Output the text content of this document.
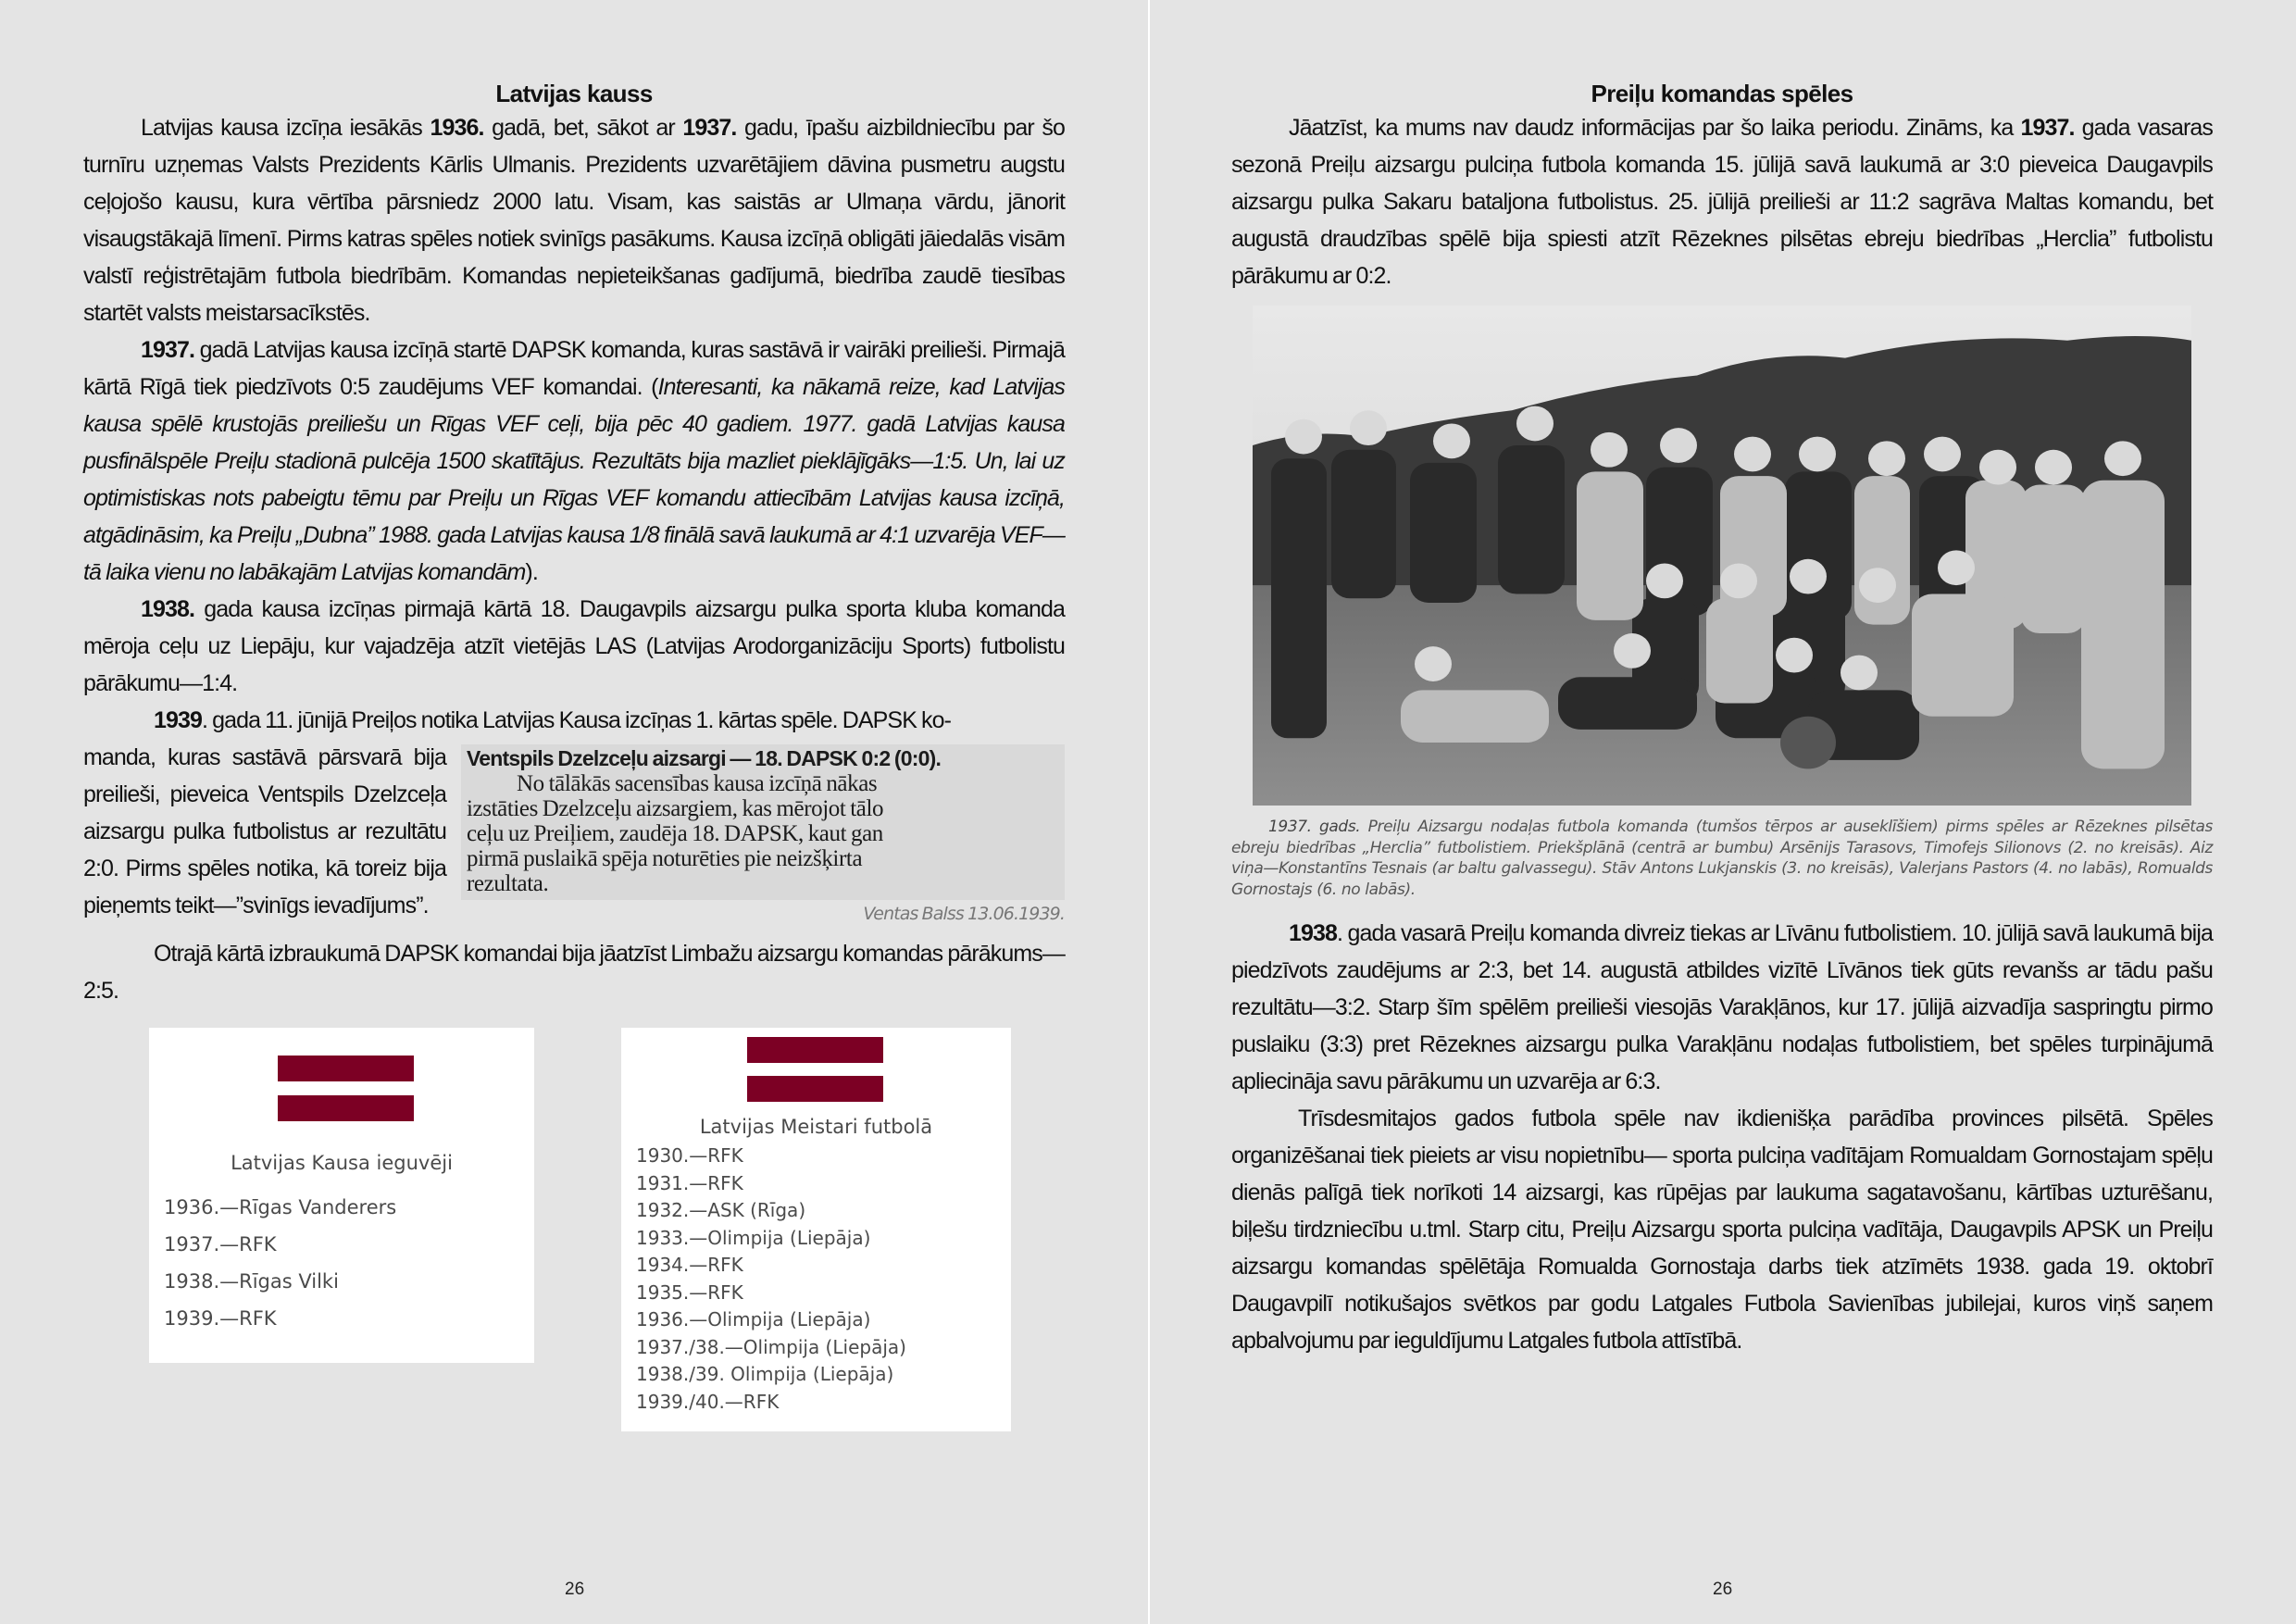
Latvijas kauss

Latvijas kausa izcīņa iesākās 1936. gadā, bet, sākot ar 1937. gadu, īpašu aizbildniecību par šo turnīru uzņemas Valsts Prezidents Kārlis Ulmanis. Prezidents uzvarētājiem dāvina pusmetru augstu ceļojošo kausu, kura vērtība pārsniedz 2000 latu. Visam, kas saistās ar Ulmaņa vārdu, jānorit visaugstākajā līmenī. Pirms katras spēles notiek svinīgs pasākums. Kausa izcīņā obligāti jāiedalās visām valstī reģistrētajām futbola biedrībām. Komandas nepieteikšanas gadījumā, biedrība zaudē tiesības startēt valsts meistarsacīkstēs.

1937. gadā Latvijas kausa izcīņā startē DAPSK komanda, kuras sastāvā ir vairāki preilieši. Pirmajā kārtā Rīgā tiek piedzīvots 0:5 zaudējums VEF komandai. (Interesanti, ka nākamā reize, kad Latvijas kausa spēlē krustojās preiliešu un Rīgas VEF ceļi, bija pēc 40 gadiem. 1977. gadā Latvijas kausa pusfinālspēle Preiļu stadionā pulcēja 1500 skatītājus. Rezultāts bija mazliet pieklājīgāks—1:5. Un, lai uz optimistiskas nots pabeigtu tēmu par Preiļu un Rīgas VEF komandu attiecībām Latvijas kausa izcīņā, atgādināsim, ka Preiļu „Dubna” 1988. gada Latvijas kausa 1/8 finālā savā laukumā ar 4:1 uzvarēja VEF— tā laika vienu no labākajām Latvijas komandām).

1938. gada kausa izcīņas pirmajā kārtā 18. Daugavpils aizsargu pulka sporta kluba komanda mēroja ceļu uz Liepāju, kur vajadzēja atzīt vietējās LAS (Latvijas Arodorganizāciju Sports) futbolistu pārākumu—1:4.

1939. gada 11. jūnijā Preiļos notika Latvijas Kausa izcīņas 1. kārtas spēle. DAPSK ko-

Ventspils Dzelzceļu aizsargi — 18. DAPSK 0:2 (0:0).
No tālākās sacensības kausa izcīņā nākas
izstāties Dzelzceļu aizsargiem, kas mērojot tālo
ceļu uz Preiļiem, zaudēja 18. DAPSK, kaut gan
pirmā puslaikā spēja noturēties pie neizšķirta
rezultata.
Ventas Balss 13.06.1939.

manda, kuras sastāvā pārsvarā bija preilieši, pieveica Ventspils Dzelzceļa aizsargu pulka futbolistus ar rezultātu 2:0. Pirms spēles notika, kā toreiz bija pieņemts teikt—”svinīgs ievadījums”.

Otrajā kārtā izbraukumā DAPSK komandai bija jāatzīst Limbažu aizsargu komandas pārākums—2:5.

Latvijas Kausa ieguvēji
1936.—Rīgas Vanderers
1937.—RFK
1938.—Rīgas Vilki
1939.—RFK
Latvijas Meistari futbolā
1930.—RFK
1931.—RFK
1932.—ASK (Rīga)
1933.—Olimpija (Liepāja)
1934.—RFK
1935.—RFK
1936.—Olimpija (Liepāja)
1937./38.—Olimpija (Liepāja)
1938./39. Olimpija (Liepāja)
1939./40.—RFK
26
Preiļu komandas spēles

Jāatzīst, ka mums nav daudz informācijas par šo laika periodu. Zināms, ka 1937. gada vasaras sezonā Preiļu aizsargu pulciņa futbola komanda 15. jūlijā savā laukumā ar 3:0 pieveica Daugavpils aizsargu pulka Sakaru bataljona futbolistus. 25. jūlijā preilieši ar 11:2 sagrāva Maltas komandu, bet augustā draudzības spēlē bija spiesti atzīt Rēzeknes pilsētas ebreju biedrības „Herclia” futbolistu pārākumu ar 0:2.

1937. gads. Preiļu Aizsargu nodaļas futbola komanda (tumšos tērpos ar auseklīšiem) pirms spēles ar Rēzeknes pilsētas ebreju biedrības „Herclia” futbolistiem. Priekšplānā (centrā ar bumbu) Arsēnijs Tarasovs, Timofejs Silionovs (2. no kreisās). Aiz viņa—Konstantīns Tesnais (ar baltu galvassegu). Stāv Antons Lukjanskis (3. no kreisās), Valerjans Pastors (4. no labās), Romualds Gornostajs (6. no labās).

1938. gada vasarā Preiļu komanda divreiz tiekas ar Līvānu futbolistiem. 10. jūlijā savā laukumā bija piedzīvots zaudējums ar 2:3, bet 14. augustā atbildes vizītē Līvānos tiek gūts revanšs ar tādu pašu rezultātu—3:2. Starp šīm spēlēm preilieši viesojās Varakļānos, kur 17. jūlijā aizvadīja saspringtu pirmo puslaiku (3:3) pret Rēzeknes aizsargu pulka Varakļānu nodaļas futbolistiem, bet spēles turpinājumā apliecināja savu pārākumu un uzvarēja ar 6:3.

Trīsdesmitajos gados futbola spēle nav ikdienišķa parādība provinces pilsētā. Spēles organizēšanai tiek pieiets ar visu nopietnību— sporta pulciņa vadītājam Romualdam Gornostajam spēļu dienās palīgā tiek norīkoti 14 aizsargi, kas rūpējas par laukuma sagatavošanu, kārtības uzturēšanu, biļešu tirdzniecību u.tml. Starp citu, Preiļu Aizsargu sporta pulciņa vadītāja, Daugavpils APSK un Preiļu aizsargu komandas spēlētāja Romualda Gornostaja darbs tiek atzīmēts 1938. gada 19. oktobrī Daugavpilī notikušajos svētkos par godu Latgales Futbola Savienības jubilejai, kuros viņš saņem apbalvojumu par ieguldījumu Latgales futbola attīstībā.

26
